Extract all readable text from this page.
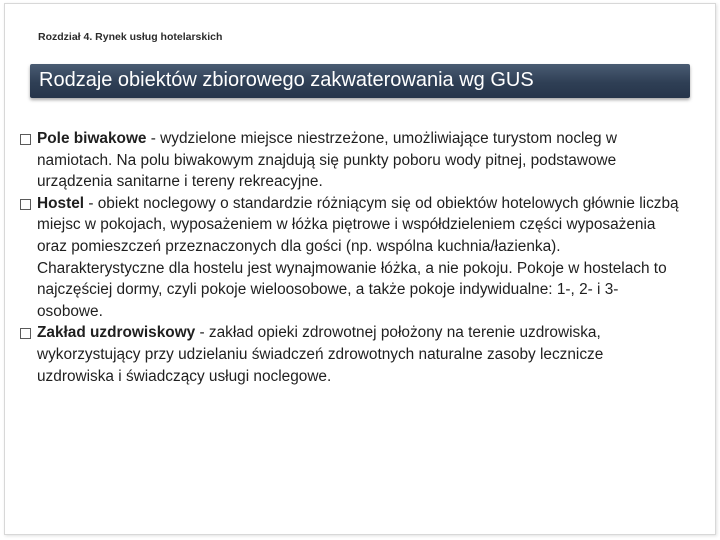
Rozdział 4. Rynek usług hotelarskich
Rodzaje obiektów zbiorowego zakwaterowania wg GUS
Pole biwakowe - wydzielone miejsce niestrzeżone, umożliwiające turystom nocleg w namiotach. Na polu biwakowym znajdują się punkty poboru wody pitnej, podstawowe urządzenia sanitarne i tereny rekreacyjne.
Hostel - obiekt noclegowy o standardzie różniącym się od obiektów hotelowych głównie liczbą miejsc w pokojach, wyposażeniem w łóżka piętrowe i współdzieleniem części wyposażenia oraz pomieszczeń przeznaczonych dla gości (np. wspólna kuchnia/łazienka). Charakterystyczne dla hostelu jest wynajmowanie łóżka, a nie pokoju. Pokoje w hostelach to najczęściej dormy, czyli pokoje wieloosobowe, a także pokoje indywidualne: 1-, 2- i 3-osobowe.
Zakład uzdrowiskowy - zakład opieki zdrowotnej położony na terenie uzdrowiska, wykorzystujący przy udzielaniu świadczeń zdrowotnych naturalne zasoby lecznicze uzdrowiska i świadczący usługi noclegowe.
